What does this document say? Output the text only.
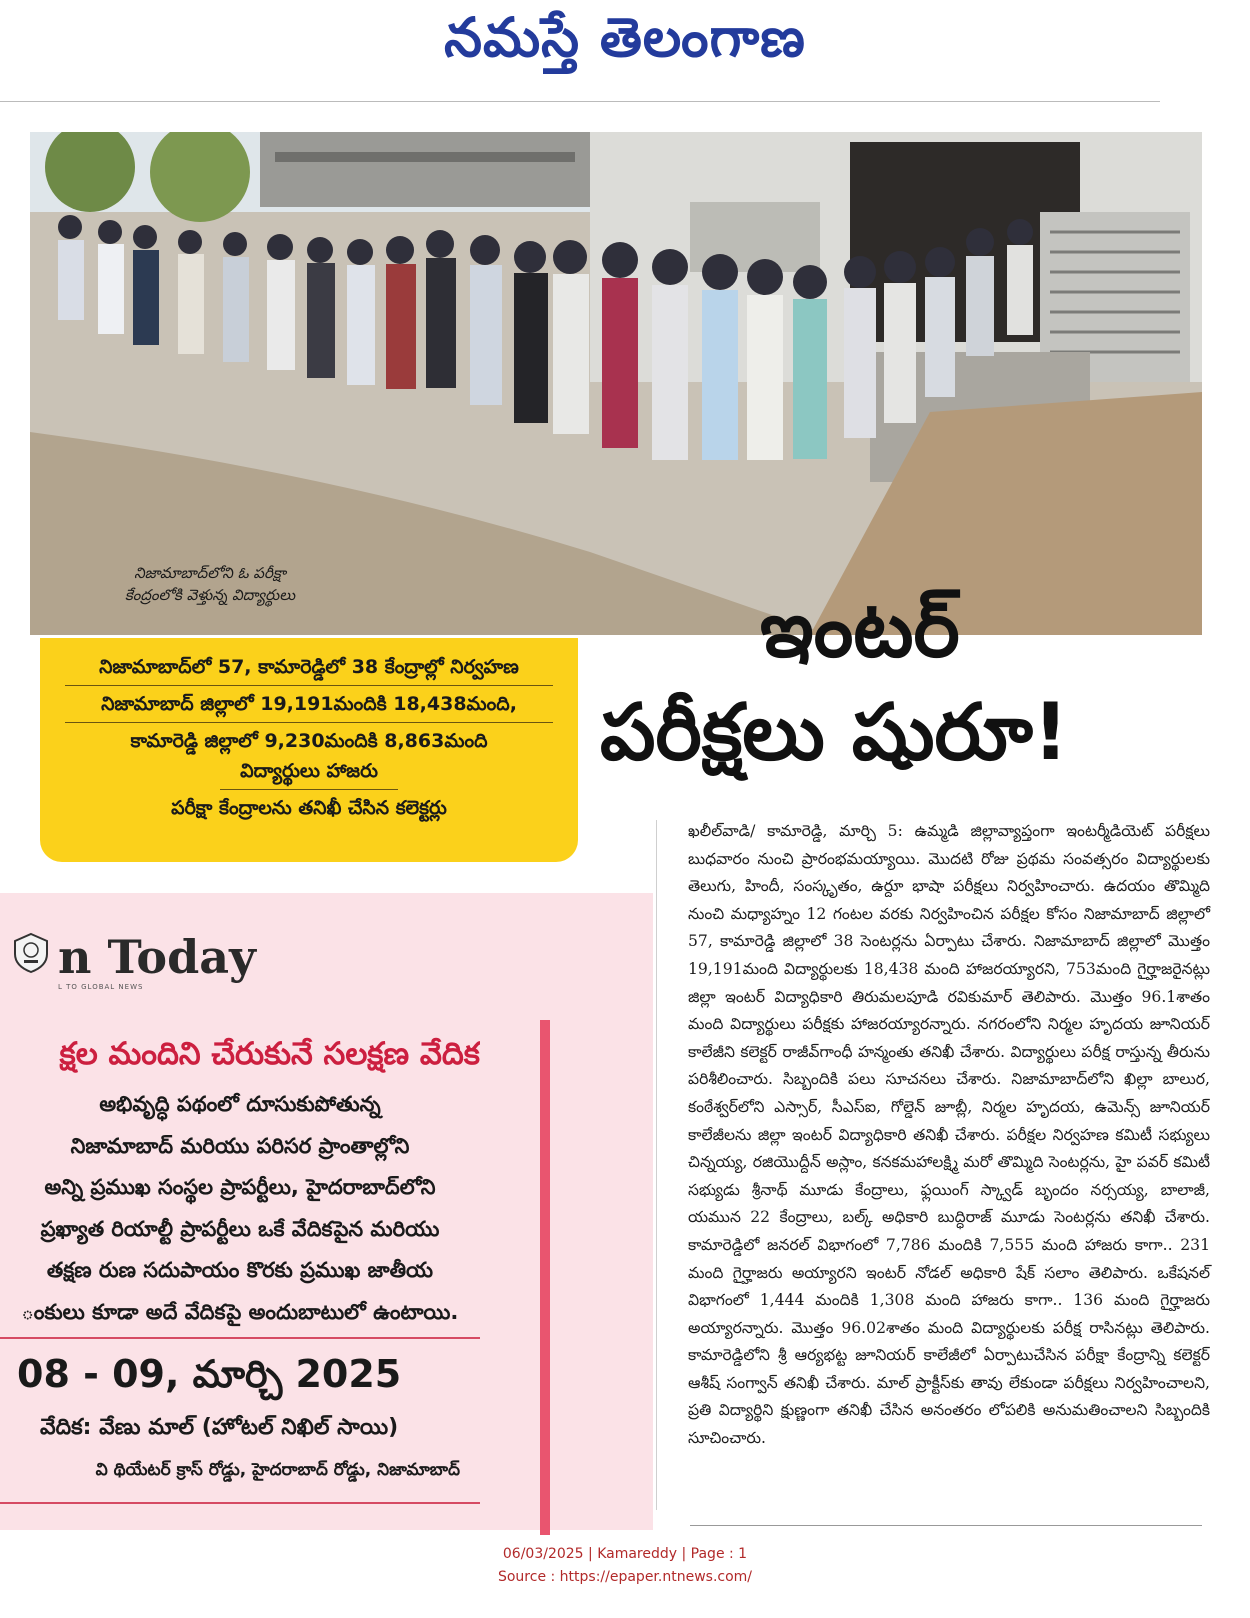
నమస్తే తెలంగాణ
నిజామాబాద్‌లోని ఓ పరీక్షా
కేంద్రంలోకి వెళ్తున్న విద్యార్థులు	ఇంటర్‌
పరీక్షలు షురూ!
నిజామాబాద్‌లో 57, కామారెడ్డిలో 38 కేంద్రాల్లో నిర్వహణ
నిజామాబాద్‌ జిల్లాలో 19,191మందికి 18,438మంది,
కామారెడ్డి జిల్లాలో 9,230మందికి 8,863మంది
విద్యార్థులు హాజరు
పరీక్షా కేంద్రాలను తనిఖీ చేసిన కలెక్టర్లు
ఖలీల్‌వాడి/ కామారెడ్డి, మార్చి 5: ఉమ్మడి జిల్లావ్యాప్తంగా ఇంటర్మీడియెట్‌ పరీక్షలు బుధవారం నుంచి ప్రారంభమయ్యాయి. మొదటి రోజు ప్రథమ సంవత్సరం విద్యార్థులకు తెలుగు, హిందీ, సంస్కృతం, ఉర్దూ భాషా పరీక్షలు నిర్వహించారు. ఉదయం తొమ్మిది నుంచి మధ్యాహ్నం 12 గంటల వరకు నిర్వహించిన పరీక్షల కోసం నిజామాబాద్‌ జిల్లాలో 57, కామారెడ్డి జిల్లాలో 38 సెంటర్లను ఏర్పాటు చేశారు. నిజామాబాద్‌ జిల్లాలో మొత్తం 19,191మంది విద్యార్థులకు 18,438 మంది హాజరయ్యారని, 753మంది గైర్హాజరైనట్లు జిల్లా ఇంటర్‌ విద్యాధికారి తిరుమలపూడి రవికుమార్‌ తెలిపారు. మొత్తం 96.1శాతం మంది విద్యార్థులు పరీక్షకు హాజరయ్యారన్నారు. నగరంలోని నిర్మల హృదయ జూనియర్‌ కాలేజీని కలెక్టర్‌ రాజీవ్‌గాంధీ హన్మంతు తనిఖీ చేశారు. విద్యార్థులు పరీక్ష రాస్తున్న తీరును పరిశీలించారు. సిబ్బందికి పలు సూచనలు చేశారు. నిజామాబాద్‌లోని ఖిల్లా బాలుర, కంఠేశ్వర్‌లోని ఎస్సార్‌, సీఎస్‌ఐ, గోల్డెన్‌ జూబ్లీ, నిర్మల హృదయ, ఉమెన్స్‌ జూనియర్‌ కాలేజీలను జిల్లా ఇంటర్‌ విద్యాధికారి తనిఖీ చేశారు. పరీక్షల నిర్వహణ కమిటీ సభ్యులు చిన్నయ్య, రజియొద్దీన్‌ అస్లాం, కనకమహాలక్ష్మి మరో తొమ్మిది సెంటర్లను, హై పవర్‌ కమిటీ సభ్యుడు శ్రీనాథ్‌ మూడు కేంద్రాలు, ఫ్లయింగ్‌ స్క్వాడ్‌ బృందం నర్సయ్య, బాలాజీ, యమున 22 కేంద్రాలు, బల్క్‌ అధికారి బుద్ధిరాజ్‌ మూడు సెంటర్లను తనిఖీ చేశారు. కామారెడ్డిలో జనరల్‌ విభాగంలో 7,786 మందికి 7,555 మంది హాజరు కాగా.. 231 మంది గైర్హాజరు అయ్యారని ఇంటర్‌ నోడల్‌ అధికారి షేక్‌ సలాం తెలిపారు. ఒకేషనల్‌ విభాగంలో 1,444 మందికి 1,308 మంది హాజరు కాగా.. 136 మంది గైర్హాజరు అయ్యారన్నారు. మొత్తం 96.02శాతం మంది విద్యార్థులకు పరీక్ష రాసినట్లు తెలిపారు. కామారెడ్డిలోని శ్రీ ఆర్యభట్ట జూనియర్‌ కాలేజీలో ఏర్పాటుచేసిన పరీక్షా కేంద్రాన్ని కలెక్టర్‌ ఆశీష్‌ సంగ్వాన్‌ తనిఖీ చేశారు. మాల్‌ ప్రాక్టీస్‌కు తావు లేకుండా పరీక్షలు నిర్వహించాలని, ప్రతి విద్యార్థిని క్షుణ్ణంగా తనిఖీ చేసిన అనంతరం లోపలికి అనుమతించాలని సిబ్బందికి సూచించారు.
n Today
L TO GLOBAL NEWS
క్షల మందిని చేరుకునే సలక్షణ వేదిక
అభివృద్ధి పథంలో దూసుకుపోతున్న
నిజామాబాద్ మరియు పరిసర ప్రాంతాల్లోని
అన్ని ప్రముఖ సంస్థల ప్రాపర్టీలు, హైదరాబాద్‌లోని
ప్రఖ్యాత రియాల్టీ ప్రాపర్టీలు ఒకే వేదికపైన మరియు
తక్షణ రుణ సదుపాయం కొరకు ప్రముఖ జాతీయ
ంకులు కూడా అదే వేదికపై అందుబాటులో ఉంటాయి.
08 - 09, మార్చి 2025
వేదిక: వేణు మాల్ (హోటల్ నిఖిల్ సాయి)
వి థియేటర్ క్రాస్ రోడ్డు, హైదరాబాద్ రోడ్డు, నిజామాబాద్
06/03/2025 | Kamareddy | Page : 1
Source : https://epaper.ntnews.com/
